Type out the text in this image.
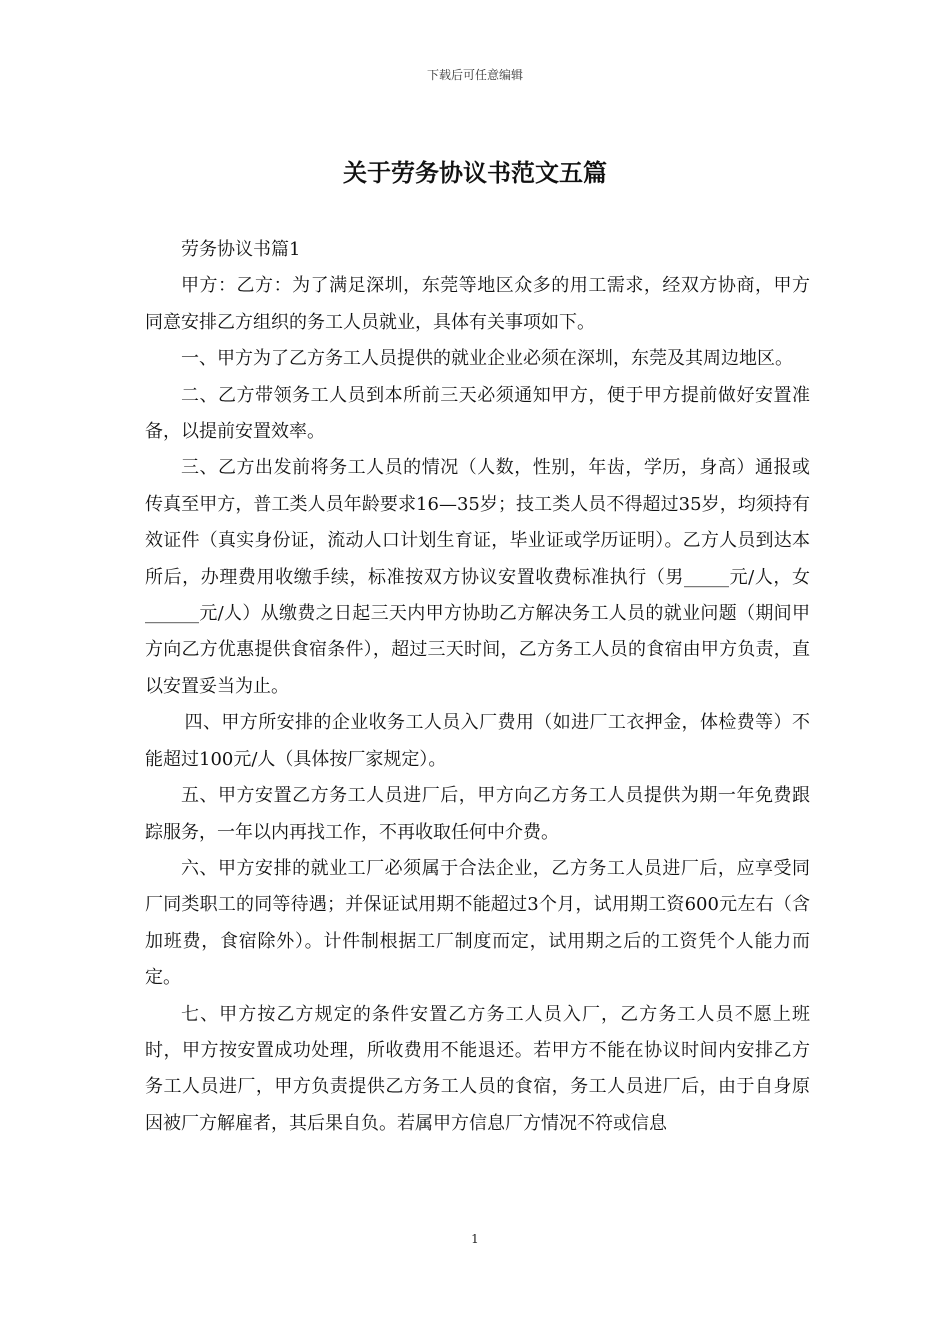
下载后可任意编辑
关于劳务协议书范文五篇

劳务协议书篇1

甲方：乙方：为了满足深圳，东莞等地区众多的用工需求，经双方协商，甲方同意安排乙方组织的务工人员就业，具体有关事项如下。

一、甲方为了乙方务工人员提供的就业企业必须在深圳，东莞及其周边地区。

二、乙方带领务工人员到本所前三天必须通知甲方，便于甲方提前做好安置准备，以提前安置效率。

三、乙方出发前将务工人员的情况（人数，性别，年齿，学历，身高）通报或传真至甲方，普工类人员年龄要求16—35岁；技工类人员不得超过35岁，均须持有效证件（真实身份证，流动人口计划生育证，毕业证或学历证明）。乙方人员到达本所后，办理费用收缴手续，标准按双方协议安置收费标准执行（男_____元/人，女______元/人）从缴费之日起三天内甲方协助乙方解决务工人员的就业问题（期间甲方向乙方优惠提供食宿条件），超过三天时间，乙方务工人员的食宿由甲方负责，直以安置妥当为止。

四、甲方所安排的企业收务工人员入厂费用（如进厂工衣押金，体检费等）不能超过100元/人（具体按厂家规定）。

五、甲方安置乙方务工人员进厂后，甲方向乙方务工人员提供为期一年免费跟踪服务，一年以内再找工作，不再收取任何中介费。

六、甲方安排的就业工厂必须属于合法企业，乙方务工人员进厂后，应享受同厂同类职工的同等待遇；并保证试用期不能超过3个月，试用期工资600元左右（含加班费，食宿除外）。计件制根据工厂制度而定，试用期之后的工资凭个人能力而定。

七、甲方按乙方规定的条件安置乙方务工人员入厂，乙方务工人员不愿上班时，甲方按安置成功处理，所收费用不能退还。若甲方不能在协议时间内安排乙方务工人员进厂，甲方负责提供乙方务工人员的食宿，务工人员进厂后，由于自身原因被厂方解雇者，其后果自负。若属甲方信息厂方情况不符或信息

1
